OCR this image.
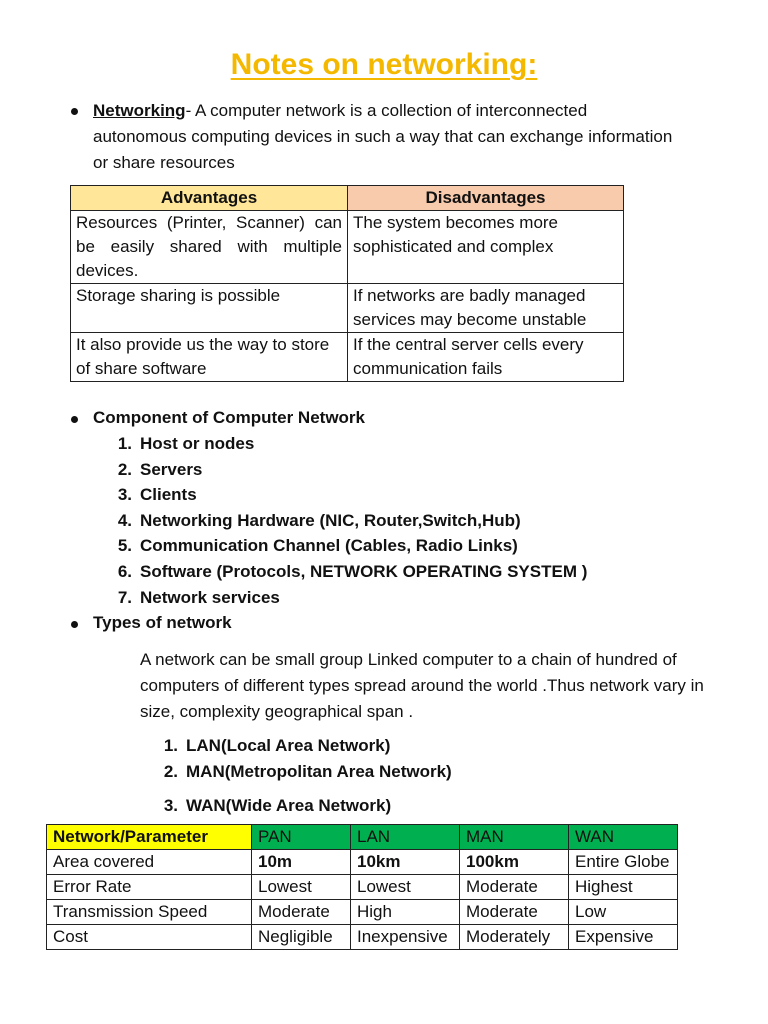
Notes on networking:
Networking- A computer network is a collection of interconnected autonomous computing devices in such a way that can exchange information or share resources
Advantages	Disadvantages
Resources (Printer, Scanner) can be easily shared with multiple devices.	The system becomes more sophisticated and complex
Storage sharing is possible	If networks are badly managed services may become unstable
It also provide us the way to store of share software	If the central server cells every communication fails
Component of Computer Network
1. Host or nodes
2. Servers
3. Clients
4. Networking Hardware (NIC, Router,Switch,Hub)
5. Communication Channel (Cables, Radio Links)
6. Software (Protocols, NETWORK OPERATING SYSTEM )
7. Network services
Types of network
A network can be small group Linked computer to a chain of hundred of computers of different types spread around the world .Thus network vary in size, complexity geographical span .
1. LAN(Local Area Network)
2. MAN(Metropolitan Area Network)
3. WAN(Wide Area Network)
Network/Parameter	PAN	LAN	MAN	WAN
Area covered	10m	10km	100km	Entire Globe
Error Rate	Lowest	Lowest	Moderate	Highest
Transmission Speed	Moderate	High	Moderate	Low
Cost	Negligible	Inexpensive	Moderately	Expensive
